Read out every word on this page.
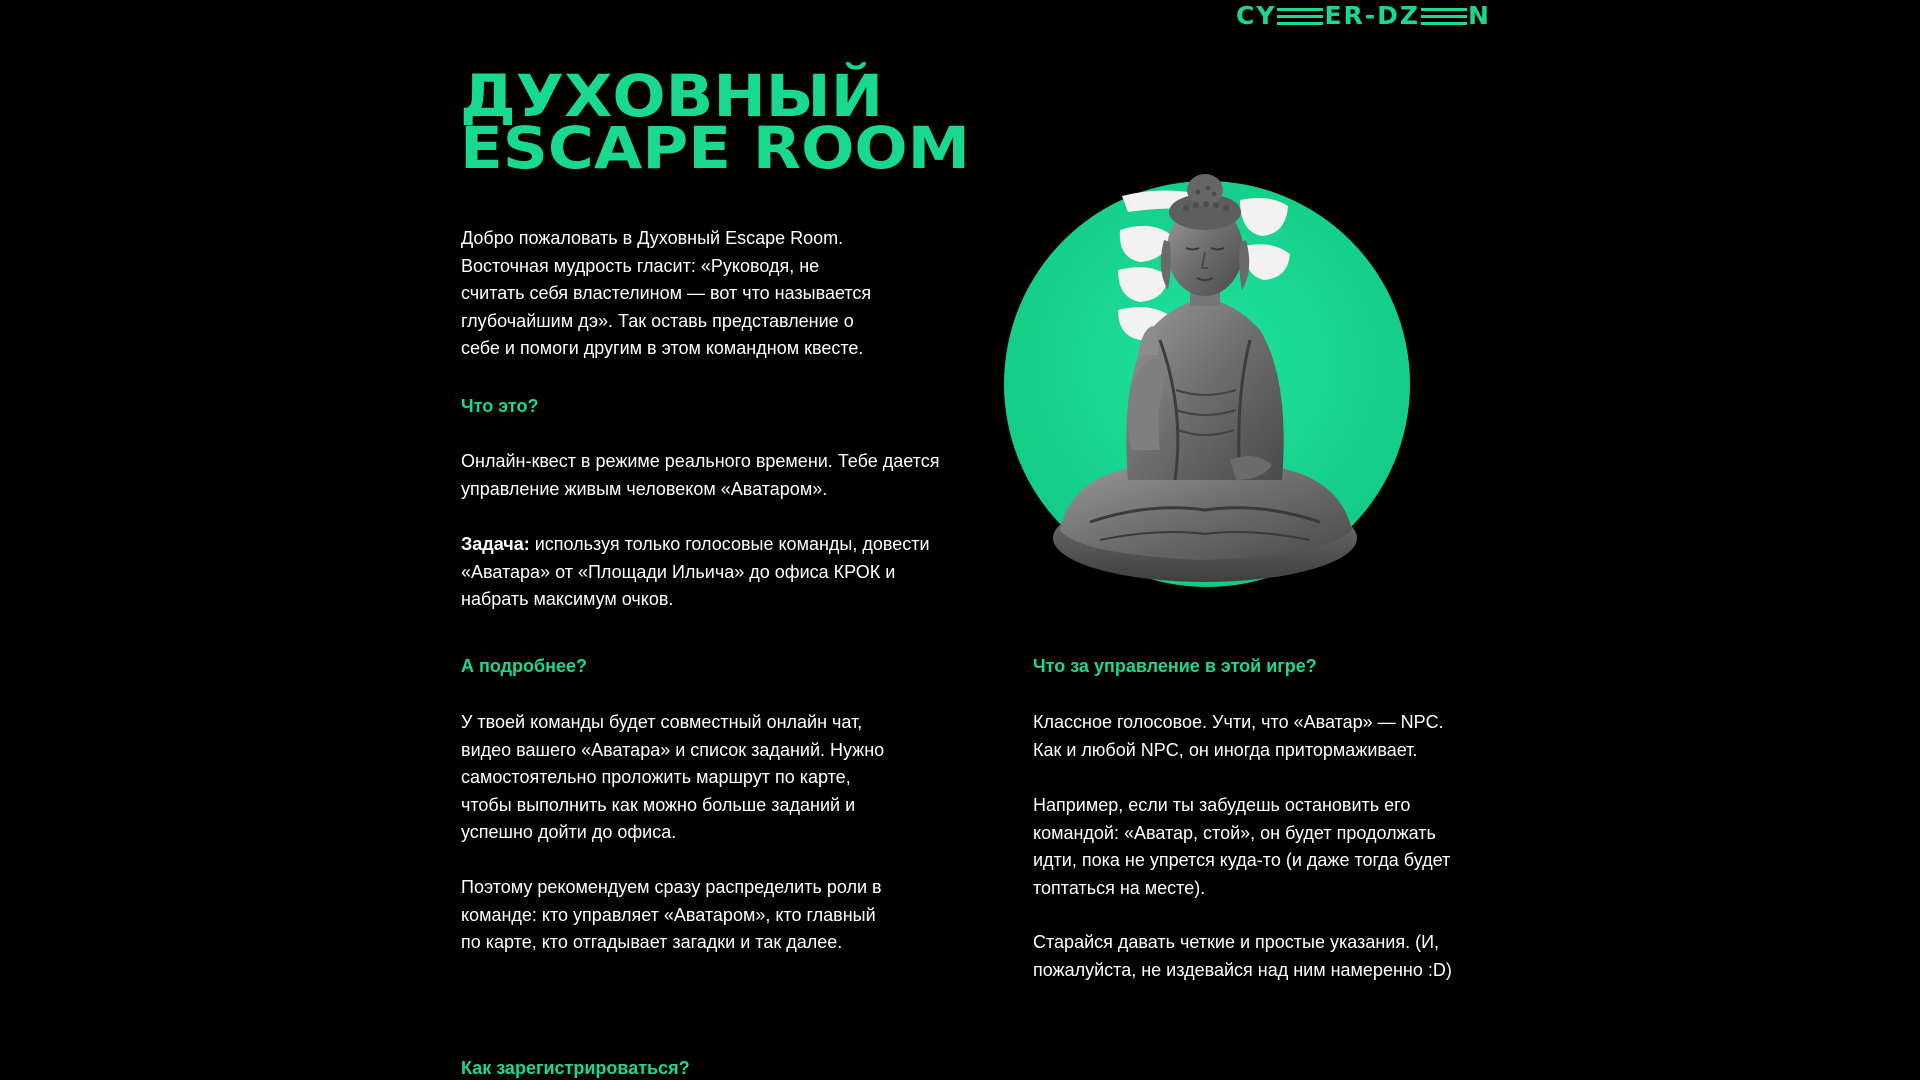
CY ER-DZ N
ДУХОВНЫЙ
ESCAPE ROOM

Добро пожаловать в Духовный Escape Room.
Восточная мудрость гласит: «Руководя, не
считать себя властелином — вот что называется
глубочайшим дэ». Так оставь представление о
себе и помоги другим в этом командном квесте.

Что это?

Онлайн-квест в режиме реального времени. Тебе дается
управление живым человеком «Аватаром».

Задача: используя только голосовые команды, довести
«Аватара» от «Площади Ильича» до офиса КРОК и
набрать максимум очков.

А подробнее?

У твоей команды будет совместный онлайн чат,
видео вашего «Аватара» и список заданий. Нужно
самостоятельно проложить маршрут по карте,
чтобы выполнить как можно больше заданий и
успешно дойти до офиса.

Поэтому рекомендуем сразу распределить роли в
команде: кто управляет «Аватаром», кто главный
по карте, кто отгадывает загадки и так далее.

Что за управление в этой игре?

Классное голосовое. Учти, что «Аватар» — NPC.
Как и любой NPC, он иногда притормаживает.

Например, если ты забудешь остановить его
командой: «Аватар, стой», он будет продолжать
идти, пока не упрется куда-то (и даже тогда будет
топтаться на месте).

Старайся давать четкие и простые указания. (И,
пожалуйста, не издевайся над ним намеренно :D)

Как зарегистрироваться?
